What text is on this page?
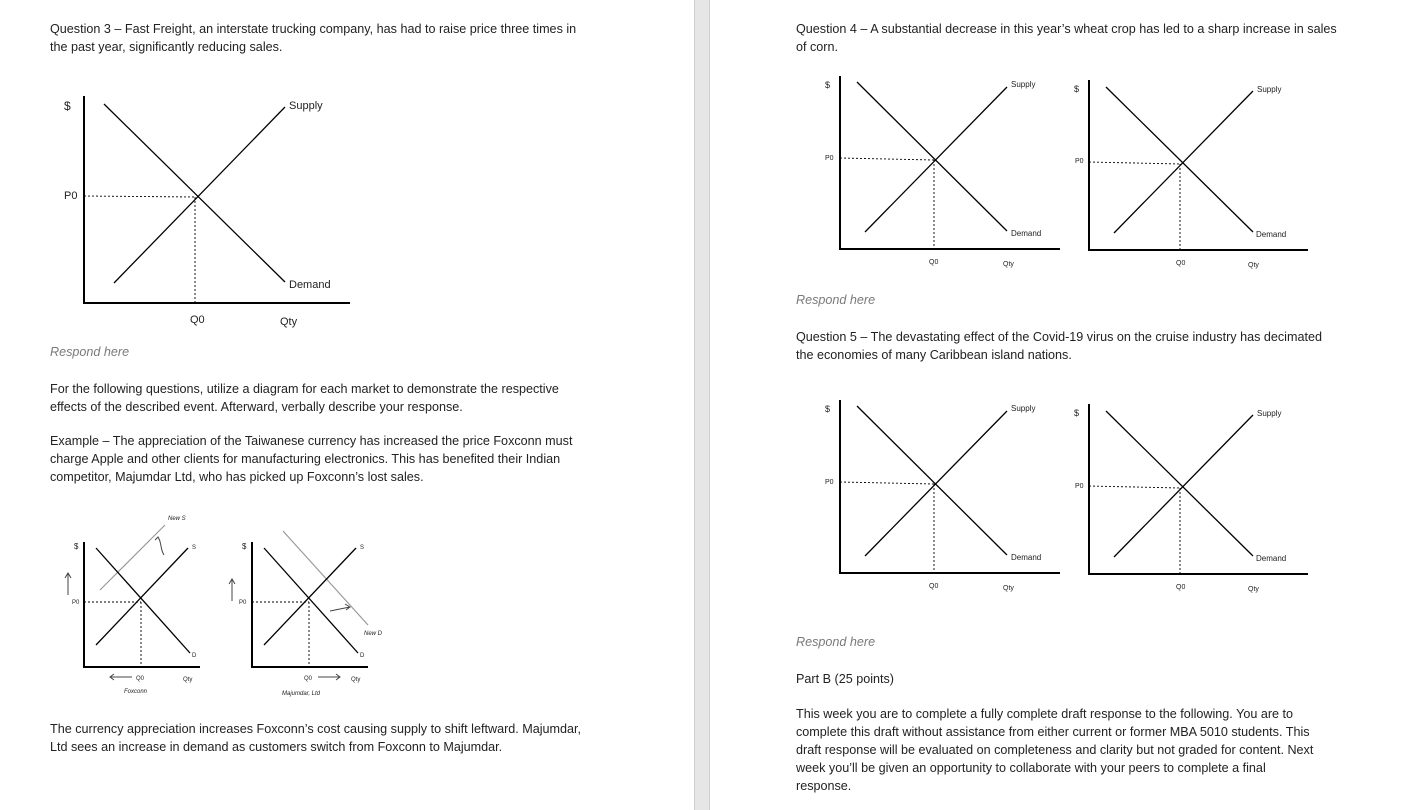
Question 3 – Fast Freight, an interstate trucking company, has had to raise price three times in
the past year, significantly reducing sales.
$
P0
Supply
Demand
Q0	Qty
Respond here
For the following questions, utilize a diagram for each market to demonstrate the respective
effects of the described event. Afterward, verbally describe your response.
Example – The appreciation of the Taiwanese currency has increased the price Foxconn must
charge Apple and other clients for manufacturing electronics. This has benefited their Indian
competitor, Majumdar Ltd, who has picked up Foxconn’s lost sales.
$
P0
New S
S
D
Q0	Qty
Foxconn
$
P0
S
New D
D
Q0	Qty
Majumdar, Ltd
The currency appreciation increases Foxconn’s cost causing supply to shift leftward. Majumdar,
Ltd sees an increase in demand as customers switch from Foxconn to Majumdar.
Question 4 – A substantial decrease in this year’s wheat crop has led to a sharp increase in sales
of corn.
$
P0
Supply
Demand
Q0	Qty
$
P0
Supply
Demand
Q0	Qty
Respond here
Question 5 – The devastating effect of the Covid-19 virus on the cruise industry has decimated
the economies of many Caribbean island nations.
$
P0
Supply
Demand
Q0	Qty
$
P0
Supply
Demand
Q0	Qty
Respond here
Part B (25 points)
This week you are to complete a fully complete draft response to the following. You are to
complete this draft without assistance from either current or former MBA 5010 students. This
draft response will be evaluated on completeness and clarity but not graded for content. Next
week you’ll be given an opportunity to collaborate with your peers to complete a final
response.
